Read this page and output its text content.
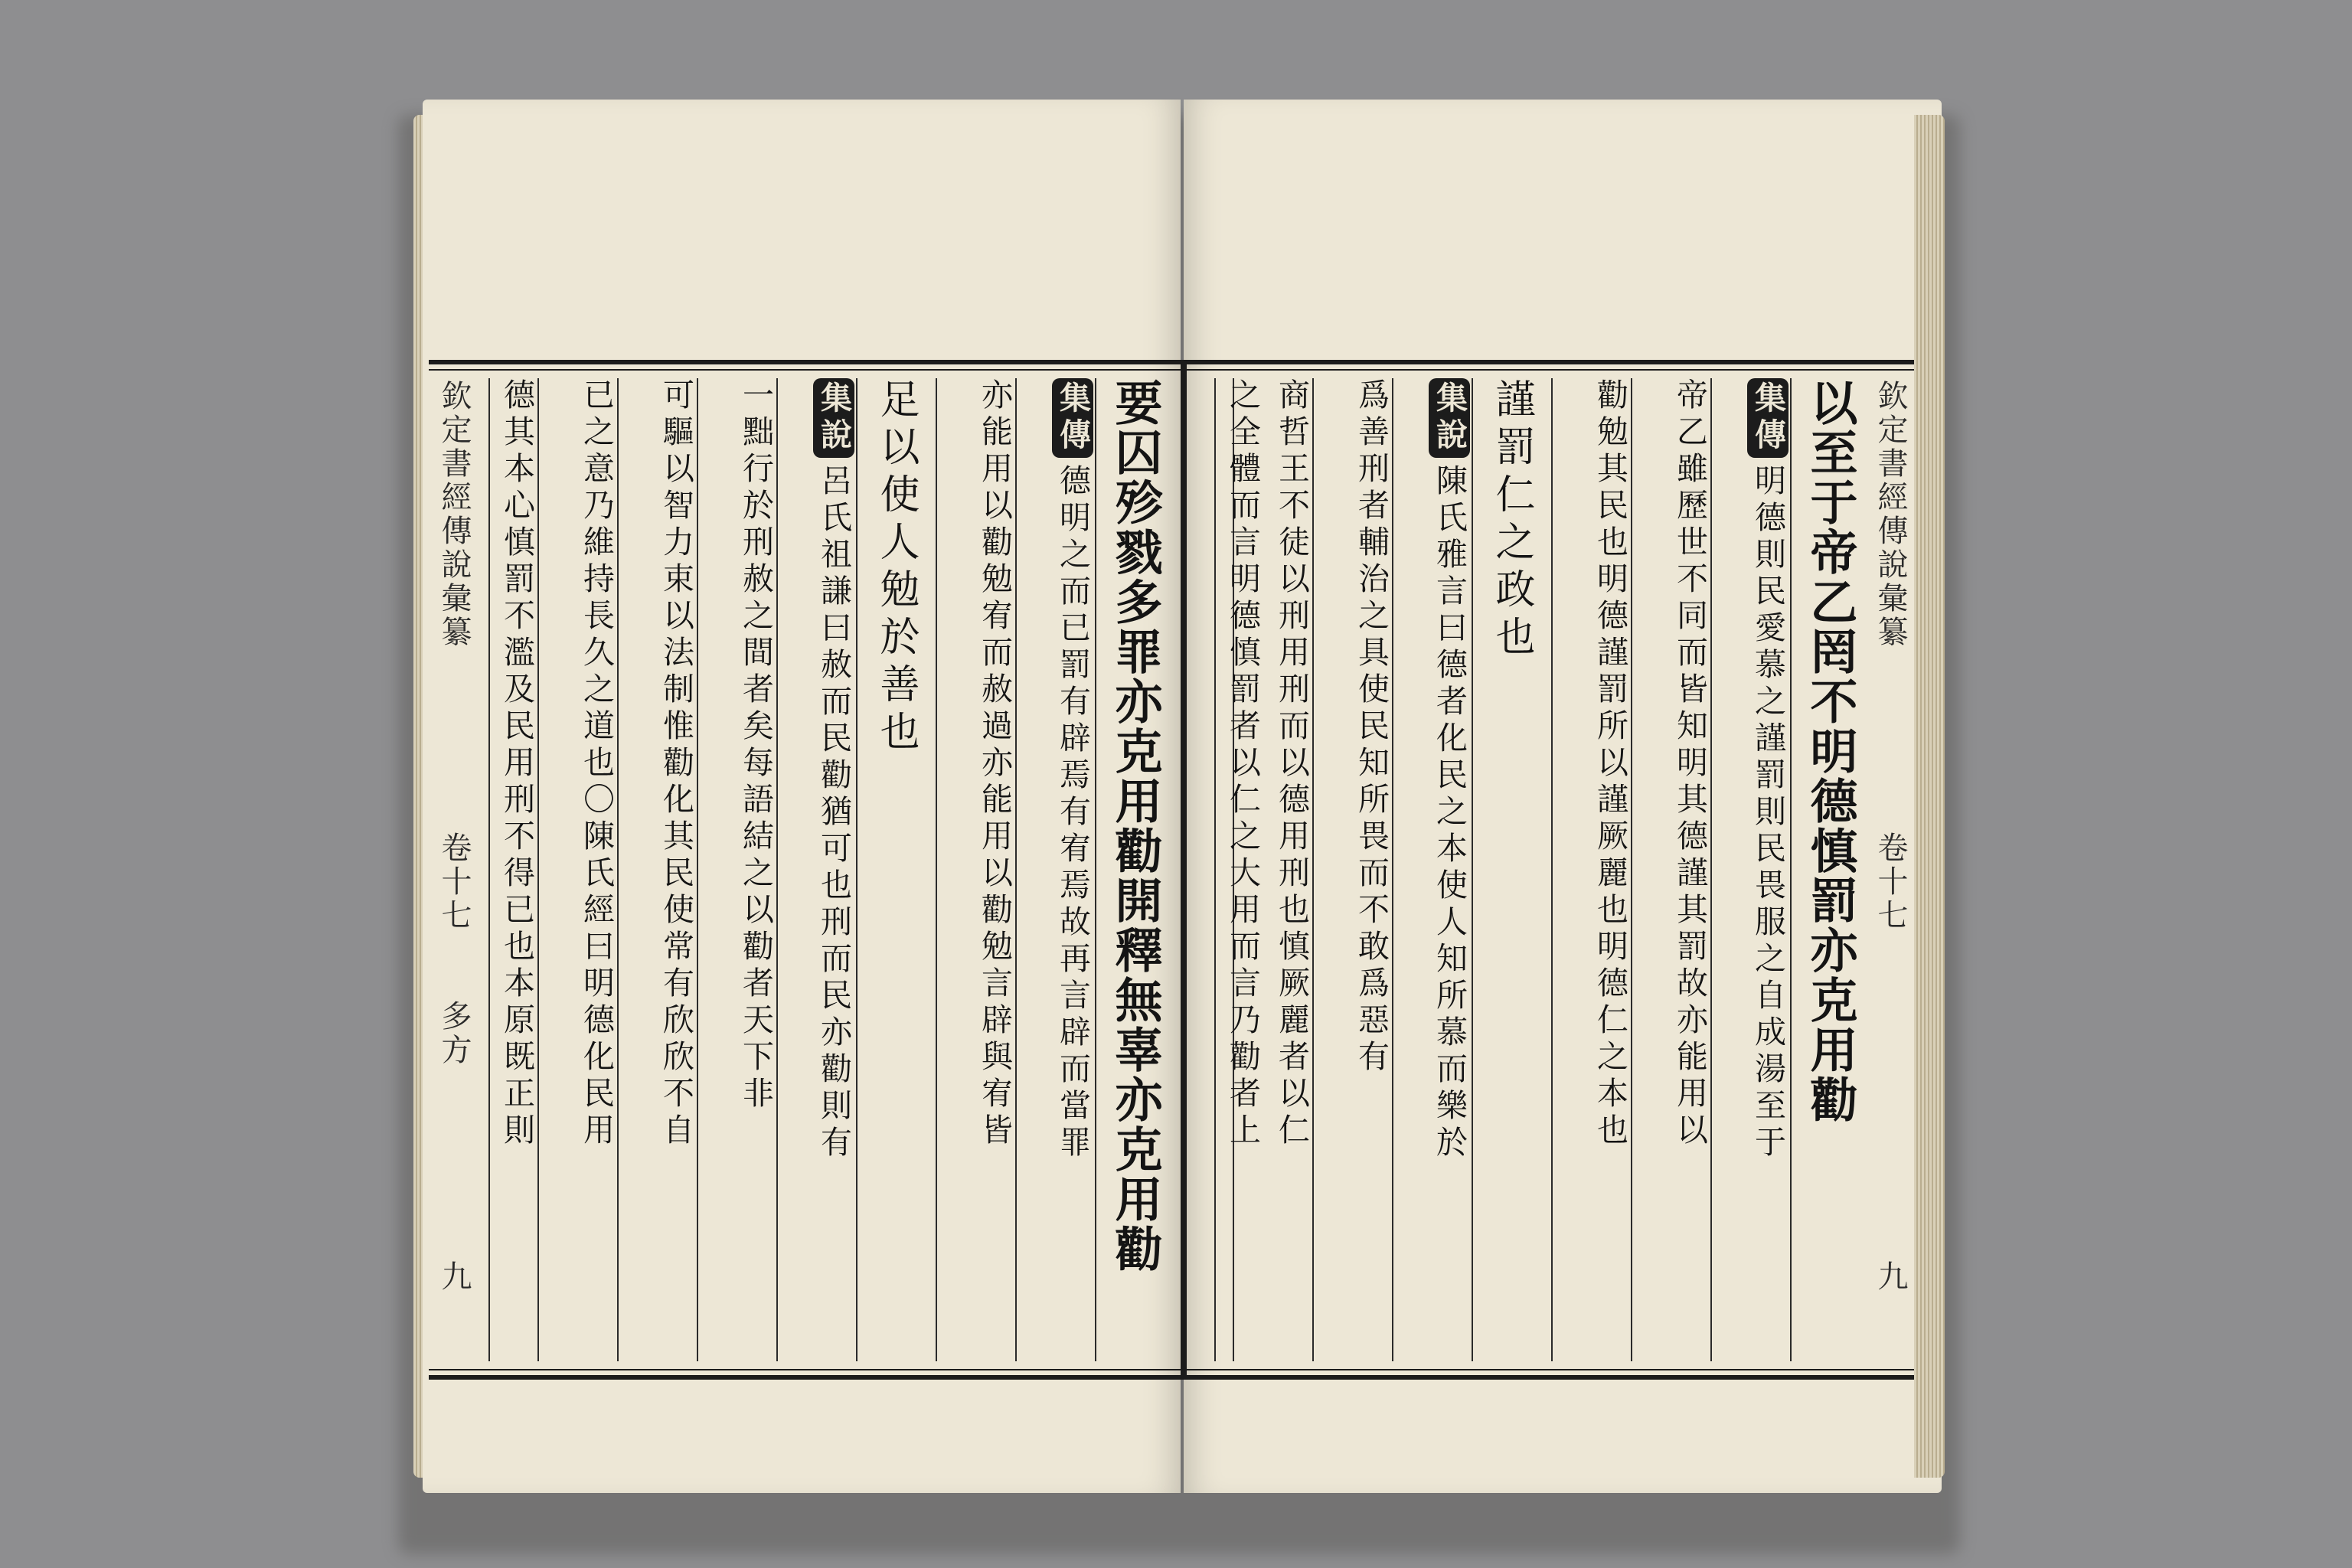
要囚殄戮多罪亦克用勸開釋無辜亦克用勸
集傳德明之而已罰有辟焉有宥焉故再言辟而當罪
亦能用以勸勉宥而赦過亦能用以勸勉言辟與宥皆
足以使人勉於善也
集說呂氏祖謙曰赦而民勸猶可也刑而民亦勸則有
一黜行於刑赦之間者矣每語結之以勸者天下非
可驅以智力束以法制惟勸化其民使常有欣欣不自
已之意乃維持長久之道也〇陳氏經曰明德化民用
德其本心慎罰不濫及民用刑不得已也本原既正則
欽定書經傳說彙纂
卷十七
多方
九
以至于帝乙罔不明德慎罰亦克用勸
集傳明德則民愛慕之謹罰則民畏服之自成湯至于
帝乙雖歷世不同而皆知明其德謹其罰故亦能用以
勸勉其民也明德謹罰所以謹厥麗也明德仁之本也
謹罰仁之政也
集說陳氏雅言曰德者化民之本使人知所慕而樂於
爲善刑者輔治之具使民知所畏而不敢爲惡有
商哲王不徒以刑用刑而以德用刑也慎厥麗者以仁
之全體而言明德慎罰者以仁之大用而言乃勸者上	欽定書經傳說彙纂
卷十七
九
